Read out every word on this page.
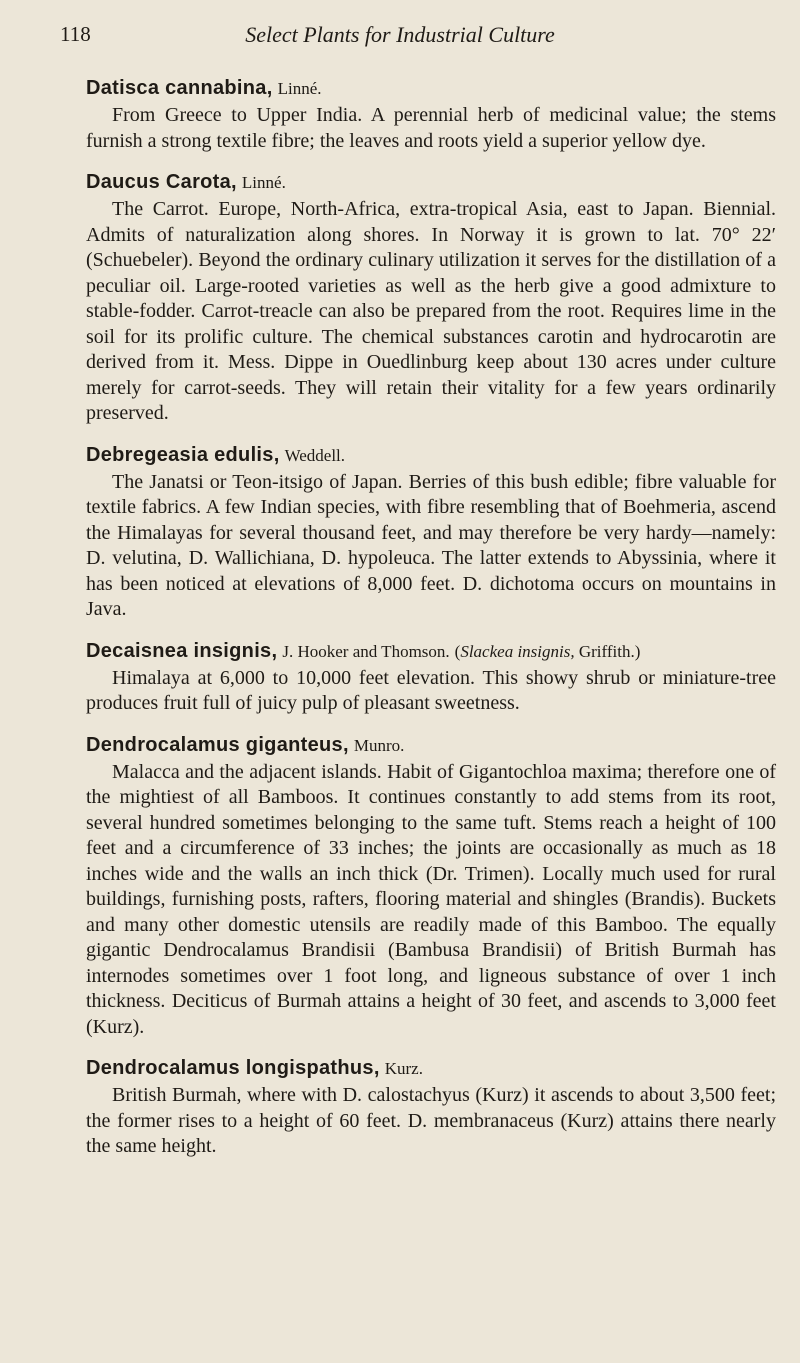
118	Select Plants for Industrial Culture
Datisca cannabina, Linné.

From Greece to Upper India. A perennial herb of medicinal value; the stems furnish a strong textile fibre; the leaves and roots yield a superior yellow dye.

Daucus Carota, Linné.

The Carrot. Europe, North-Africa, extra-tropical Asia, east to Japan. Biennial. Admits of naturalization along shores. In Norway it is grown to lat. 70° 22′ (Schuebeler). Beyond the ordinary culinary utilization it serves for the distillation of a peculiar oil. Large-rooted varieties as well as the herb give a good admixture to stable-fodder. Carrot-treacle can also be prepared from the root. Requires lime in the soil for its prolific culture. The chemical substances carotin and hydrocarotin are derived from it. Mess. Dippe in Ouedlinburg keep about 130 acres under culture merely for carrot-seeds. They will retain their vitality for a few years ordinarily preserved.

Debregeasia edulis, Weddell.

The Janatsi or Teon-itsigo of Japan. Berries of this bush edible; fibre valuable for textile fabrics. A few Indian species, with fibre resembling that of Boehmeria, ascend the Himalayas for several thousand feet, and may therefore be very hardy—namely: D. velutina, D. Wallichiana, D. hypoleuca. The latter extends to Abyssinia, where it has been noticed at elevations of 8,000 feet. D. dichotoma occurs on mountains in Java.

Decaisnea insignis, J. Hooker and Thomson. (Slackea insignis, Griffith.)

Himalaya at 6,000 to 10,000 feet elevation. This showy shrub or miniature-tree produces fruit full of juicy pulp of pleasant sweetness.

Dendrocalamus giganteus, Munro.

Malacca and the adjacent islands. Habit of Gigantochloa maxima; therefore one of the mightiest of all Bamboos. It continues constantly to add stems from its root, several hundred sometimes belonging to the same tuft. Stems reach a height of 100 feet and a circumference of 33 inches; the joints are occasionally as much as 18 inches wide and the walls an inch thick (Dr. Trimen). Locally much used for rural buildings, furnishing posts, rafters, flooring material and shingles (Brandis). Buckets and many other domestic utensils are readily made of this Bamboo. The equally gigantic Dendrocalamus Brandisii (Bambusa Brandisii) of British Burmah has internodes sometimes over 1 foot long, and ligneous substance of over 1 inch thickness. Deciticus of Burmah attains a height of 30 feet, and ascends to 3,000 feet (Kurz).

Dendrocalamus longispathus, Kurz.

British Burmah, where with D. calostachyus (Kurz) it ascends to about 3,500 feet; the former rises to a height of 60 feet. D. membranaceus (Kurz) attains there nearly the same height.
